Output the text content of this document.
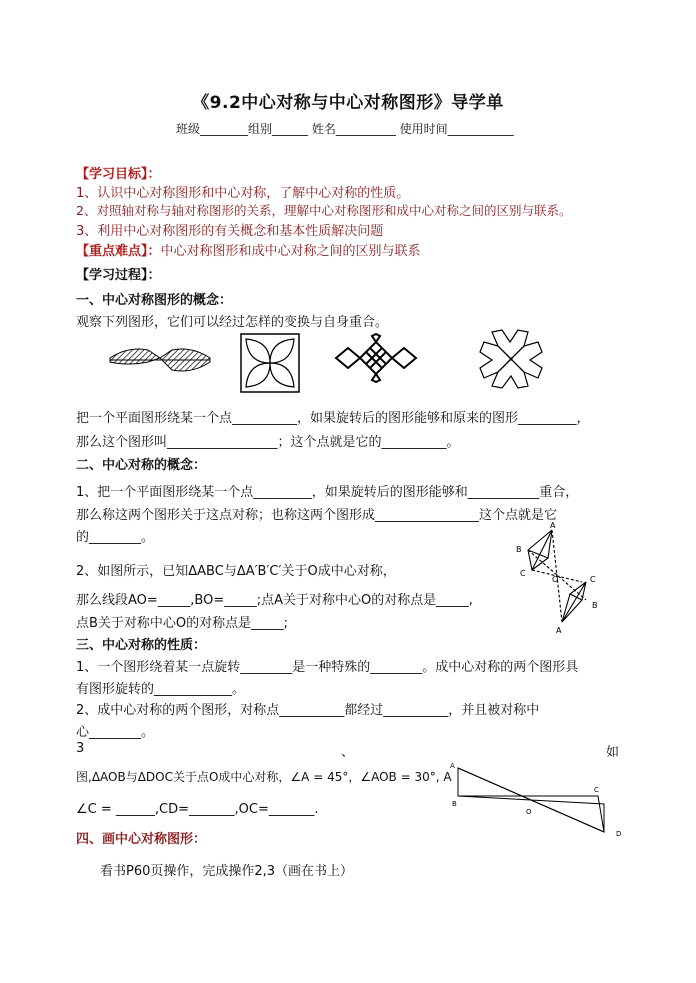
《9.2中心对称与中心对称图形》导学单
班级________组别______ 姓名__________ 使用时间___________
【学习目标】：
1、认识中心对称图形和中心对称，了解中心对称的性质。
2、对照轴对称与轴对称图形的关系，理解中心对称图形和成中心对称之间的区别与联系。
3、利用中心对称图形的有关概念和基本性质解决问题
【重点难点】：中心对称图形和成中心对称之间的区别与联系
【学习过程】：
一、中心对称图形的概念：
观察下列图形，它们可以经过怎样的变换与自身重合。
把一个平面图形绕某一个点__________，如果旋转后的图形能够和原来的图形_________，
那么这个图形叫_________________；这个点就是它的__________。
二、中心对称的概念：
1、把一个平面图形绕某一个点_________，如果旋转后的图形能够和___________重合，
那么称这两个图形关于这点对称；也称这两个图形成________________这个点就是它
的________。
2、如图所示，已知ΔABC与ΔA′B′C′关于O成中心对称，
那么线段AO=_____,BO=_____;点A关于对称中心O的对称点是_____,
点B关于对称中心O的对称点是_____;
B
C
A
O	C
B
A
三、中心对称的性质：
1、一个图形绕着某一点旋转________是一种特殊的________。成中心对称的两个图形具
有图形旋转的____________。
2、成中心对称的两个图形，对称点__________都经过__________，并且被对称中
心________。
3	、	如
图,ΔAOB与ΔDOC关于点O成中心对称，∠A = 45°，∠AOB = 30°, A
∠C = ______,CD=_______,OC=_______.
A
B
O
C
D
四、画中心对称图形：
看书P60页操作，完成操作2,3（画在书上）
